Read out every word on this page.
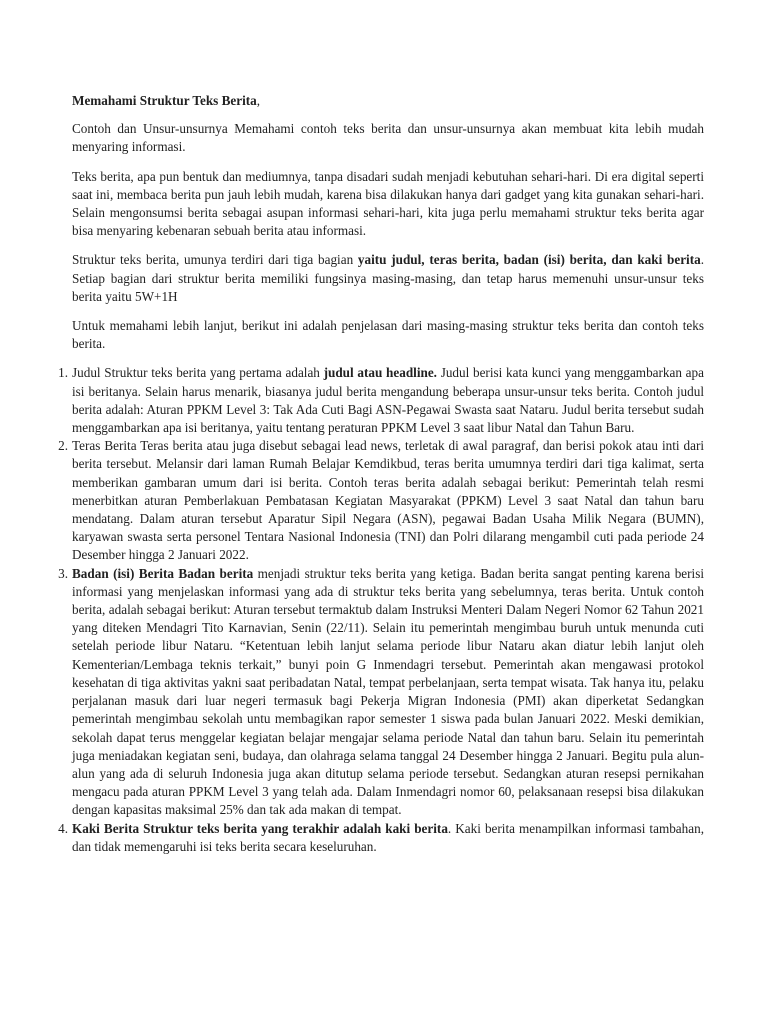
Memahami Struktur Teks Berita,

Contoh dan Unsur-unsurnya Memahami contoh teks berita dan unsur-unsurnya akan membuat kita lebih mudah menyaring informasi.

Teks berita, apa pun bentuk dan mediumnya, tanpa disadari sudah menjadi kebutuhan sehari-hari. Di era digital seperti saat ini, membaca berita pun jauh lebih mudah, karena bisa dilakukan hanya dari gadget yang kita gunakan sehari-hari. Selain mengonsumsi berita sebagai asupan informasi sehari-hari, kita juga perlu memahami struktur teks berita agar bisa menyaring kebenaran sebuah berita atau informasi.

Struktur teks berita, umunya terdiri dari tiga bagian yaitu judul, teras berita, badan (isi) berita, dan kaki berita. Setiap bagian dari struktur berita memiliki fungsinya masing-masing, dan tetap harus memenuhi unsur-unsur teks berita yaitu 5W+1H

Untuk memahami lebih lanjut, berikut ini adalah penjelasan dari masing-masing struktur teks berita dan contoh teks berita.

1. Judul Struktur teks berita yang pertama adalah judul atau headline. Judul berisi kata kunci yang menggambarkan apa isi beritanya. Selain harus menarik, biasanya judul berita mengandung beberapa unsur-unsur teks berita. Contoh judul berita adalah: Aturan PPKM Level 3: Tak Ada Cuti Bagi ASN-Pegawai Swasta saat Nataru. Judul berita tersebut sudah menggambarkan apa isi beritanya, yaitu tentang peraturan PPKM Level 3 saat libur Natal dan Tahun Baru.
2. Teras Berita Teras berita atau juga disebut sebagai lead news, terletak di awal paragraf, dan berisi pokok atau inti dari berita tersebut. Melansir dari laman Rumah Belajar Kemdikbud, teras berita umumnya terdiri dari tiga kalimat, serta memberikan gambaran umum dari isi berita. Contoh teras berita adalah sebagai berikut: Pemerintah telah resmi menerbitkan aturan Pemberlakuan Pembatasan Kegiatan Masyarakat (PPKM) Level 3 saat Natal dan tahun baru mendatang. Dalam aturan tersebut Aparatur Sipil Negara (ASN), pegawai Badan Usaha Milik Negara (BUMN), karyawan swasta serta personel Tentara Nasional Indonesia (TNI) dan Polri dilarang mengambil cuti pada periode 24 Desember hingga 2 Januari 2022.
3. Badan (isi) Berita Badan berita menjadi struktur teks berita yang ketiga. Badan berita sangat penting karena berisi informasi yang menjelaskan informasi yang ada di struktur teks berita yang sebelumnya, teras berita. Untuk contoh berita, adalah sebagai berikut: Aturan tersebut termaktub dalam Instruksi Menteri Dalam Negeri Nomor 62 Tahun 2021 yang diteken Mendagri Tito Karnavian, Senin (22/11). Selain itu pemerintah mengimbau buruh untuk menunda cuti setelah periode libur Nataru. “Ketentuan lebih lanjut selama periode libur Nataru akan diatur lebih lanjut oleh Kementerian/Lembaga teknis terkait,” bunyi poin G Inmendagri tersebut. Pemerintah akan mengawasi protokol kesehatan di tiga aktivitas yakni saat peribadatan Natal, tempat perbelanjaan, serta tempat wisata. Tak hanya itu, pelaku perjalanan masuk dari luar negeri termasuk bagi Pekerja Migran Indonesia (PMI) akan diperketat Sedangkan pemerintah mengimbau sekolah untu membagikan rapor semester 1 siswa pada bulan Januari 2022. Meski demikian, sekolah dapat terus menggelar kegiatan belajar mengajar selama periode Natal dan tahun baru. Selain itu pemerintah juga meniadakan kegiatan seni, budaya, dan olahraga selama tanggal 24 Desember hingga 2 Januari. Begitu pula alun-alun yang ada di seluruh Indonesia juga akan ditutup selama periode tersebut. Sedangkan aturan resepsi pernikahan mengacu pada aturan PPKM Level 3 yang telah ada. Dalam Inmendagri nomor 60, pelaksanaan resepsi bisa dilakukan dengan kapasitas maksimal 25% dan tak ada makan di tempat.
4. Kaki Berita Struktur teks berita yang terakhir adalah kaki berita. Kaki berita menampilkan informasi tambahan, dan tidak memengaruhi isi teks berita secara keseluruhan.
